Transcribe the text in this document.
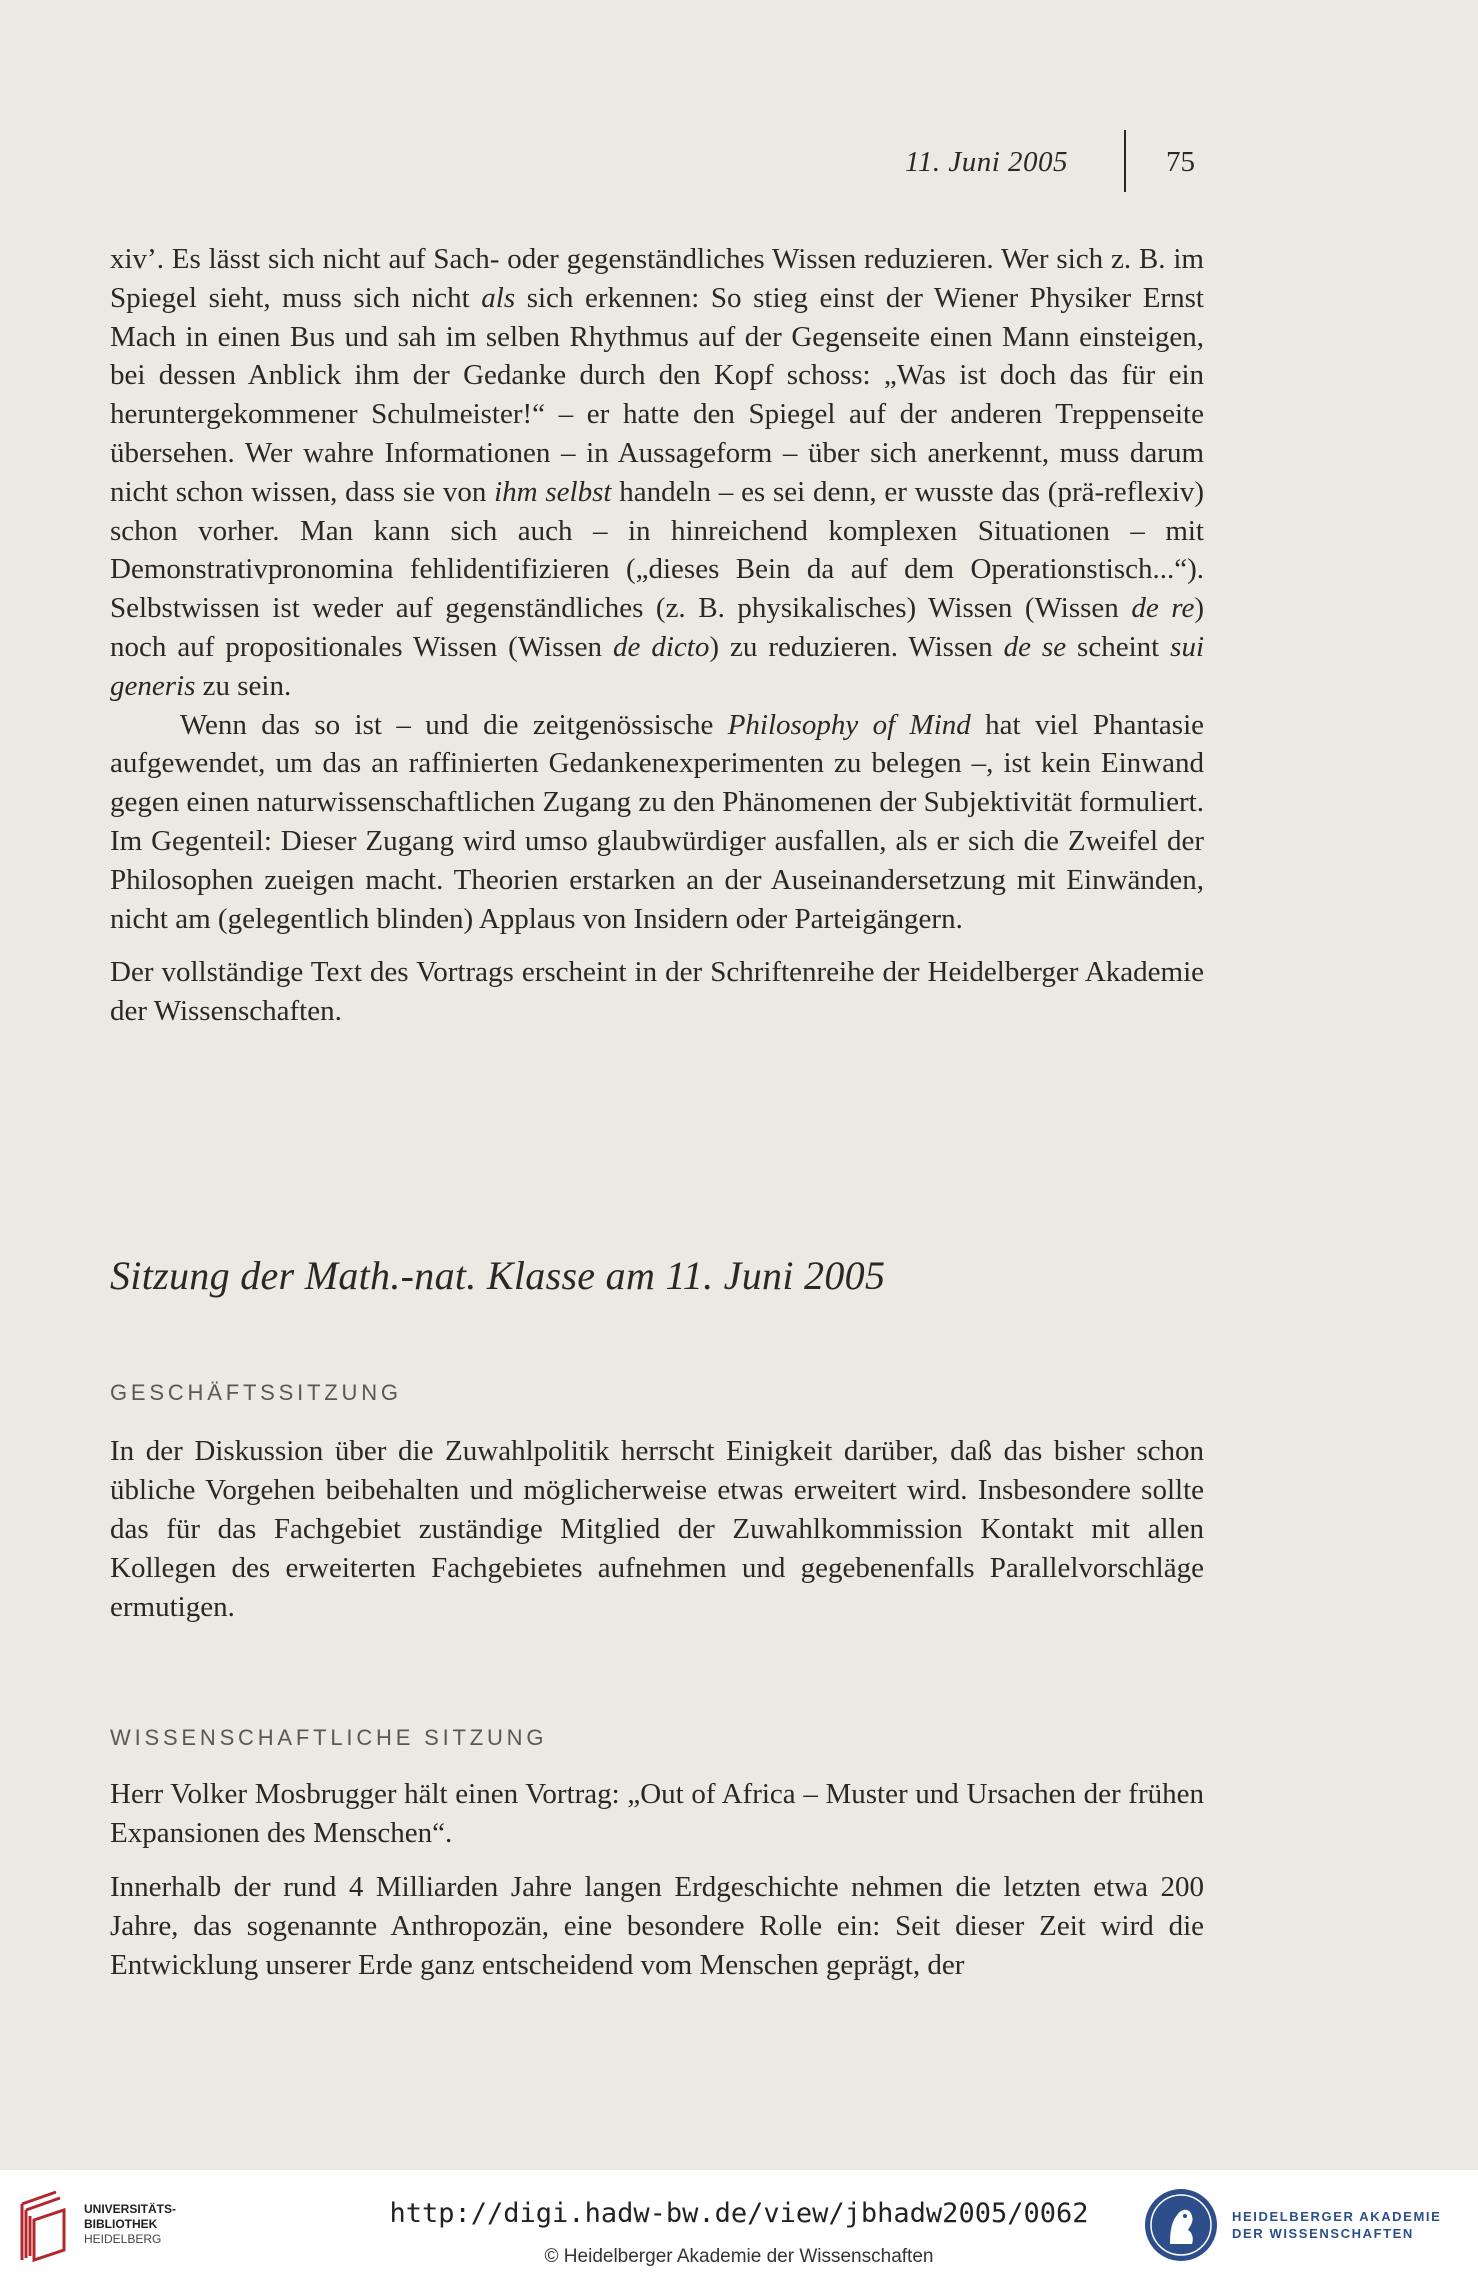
11. Juni 2005	75

xiv’. Es lässt sich nicht auf Sach- oder gegenständliches Wissen reduzieren. Wer sich z. B. im Spiegel sieht, muss sich nicht als sich erkennen: So stieg einst der Wiener Physiker Ernst Mach in einen Bus und sah im selben Rhythmus auf der Gegenseite einen Mann einsteigen, bei dessen Anblick ihm der Gedanke durch den Kopf schoss: „Was ist doch das für ein heruntergekommener Schulmeister!“ – er hatte den Spiegel auf der anderen Treppenseite übersehen. Wer wahre Informationen – in Aussageform – über sich anerkennt, muss darum nicht schon wissen, dass sie von ihm selbst handeln – es sei denn, er wusste das (prä-reflexiv) schon vorher. Man kann sich auch – in hinreichend komplexen Situationen – mit Demonstrativpronomina fehlidentifizieren („dieses Bein da auf dem Operationstisch...“). Selbstwissen ist weder auf gegenständliches (z. B. physikalisches) Wissen (Wissen de re) noch auf propositionales Wissen (Wissen de dicto) zu reduzieren. Wissen de se scheint sui generis zu sein.

Wenn das so ist – und die zeitgenössische Philosophy of Mind hat viel Phantasie aufgewendet, um das an raffinierten Gedankenexperimenten zu belegen –, ist kein Einwand gegen einen naturwissenschaftlichen Zugang zu den Phänomenen der Subjektivität formuliert. Im Gegenteil: Dieser Zugang wird umso glaubwürdiger ausfallen, als er sich die Zweifel der Philosophen zueigen macht. Theorien erstarken an der Auseinandersetzung mit Einwänden, nicht am (gelegentlich blinden) Applaus von Insidern oder Parteigängern.

Der vollständige Text des Vortrags erscheint in der Schriftenreihe der Heidelberger Akademie der Wissenschaften.

Sitzung der Math.-nat. Klasse am 11. Juni 2005
GESCHÄFTSSITZUNG

In der Diskussion über die Zuwahlpolitik herrscht Einigkeit darüber, daß das bisher schon übliche Vorgehen beibehalten und möglicherweise etwas erweitert wird. Insbesondere sollte das für das Fachgebiet zuständige Mitglied der Zuwahlkommission Kontakt mit allen Kollegen des erweiterten Fachgebietes aufnehmen und gegebenenfalls Parallelvorschläge ermutigen.

WISSENSCHAFTLICHE SITZUNG

Herr Volker Mosbrugger hält einen Vortrag: „Out of Africa – Muster und Ursachen der frühen Expansionen des Menschen“.

Innerhalb der rund 4 Milliarden Jahre langen Erdgeschichte nehmen die letzten etwa 200 Jahre, das sogenannte Anthropozän, eine besondere Rolle ein: Seit dieser Zeit wird die Entwicklung unserer Erde ganz entscheidend vom Menschen geprägt, der

UNIVERSITÄTS-
BIBLIOTHEK
HEIDELBERG
http://digi.hadw-bw.de/view/jbhadw2005/0062
© Heidelberger Akademie der Wissenschaften
HEIDELBERGER AKADEMIE
DER WISSENSCHAFTEN
